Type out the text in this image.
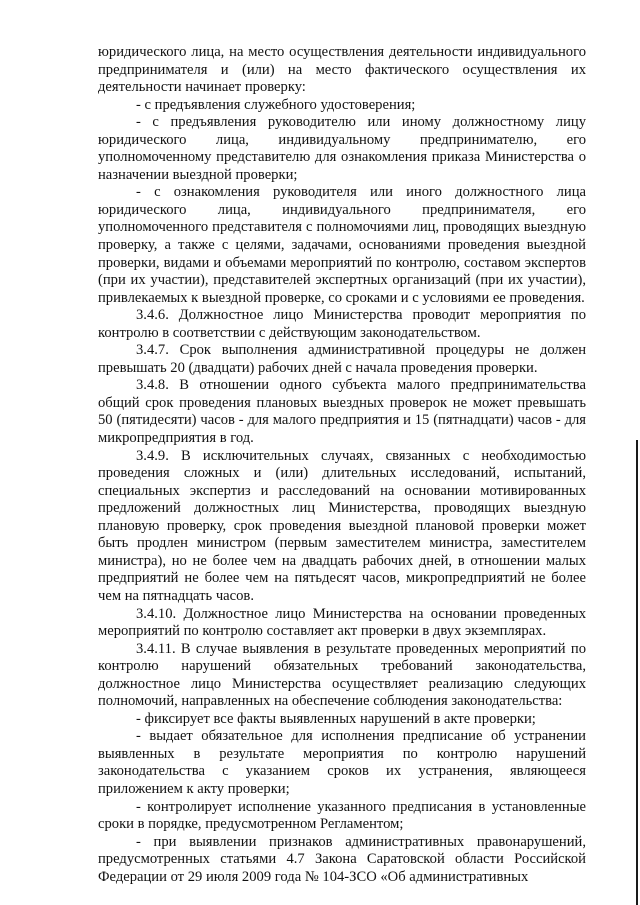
юридического лица, на место осуществления деятельности индивидуального предпринимателя и (или) на место фактического осуществления их деятельности начинает проверку:

- с предъявления служебного удостоверения;

- с предъявления руководителю или иному должностному лицу юридического лица, индивидуальному предпринимателю, его уполномоченному представителю для ознакомления приказа Министерства о назначении выездной проверки;

- с ознакомления руководителя или иного должностного лица юридического лица, индивидуального предпринимателя, его уполномоченного представителя с полномочиями лиц, проводящих выездную проверку, а также с целями, задачами, основаниями проведения выездной проверки, видами и объемами мероприятий по контролю, составом экспертов (при их участии), представителей экспертных организаций (при их участии), привлекаемых к выездной проверке, со сроками и с условиями ее проведения.

3.4.6. Должностное лицо Министерства проводит мероприятия по контролю в соответствии с действующим законодательством.

3.4.7. Срок выполнения административной процедуры не должен превышать 20 (двадцати) рабочих дней с начала проведения проверки.

3.4.8. В отношении одного субъекта малого предпринимательства общий срок проведения плановых выездных проверок не может превышать 50 (пятидесяти) часов - для малого предприятия и 15 (пятнадцати) часов - для микропредприятия в год.

3.4.9. В исключительных случаях, связанных с необходимостью проведения сложных и (или) длительных исследований, испытаний, специальных экспертиз и расследований на основании мотивированных предложений должностных лиц Министерства, проводящих выездную плановую проверку, срок проведения выездной плановой проверки может быть продлен министром (первым заместителем министра, заместителем министра), но не более чем на двадцать рабочих дней, в отношении малых предприятий не более чем на пятьдесят часов, микропредприятий не более чем на пятнадцать часов.

3.4.10. Должностное лицо Министерства на основании проведенных мероприятий по контролю составляет акт проверки в двух экземплярах.

3.4.11. В случае выявления в результате проведенных мероприятий по контролю нарушений обязательных требований законодательства, должностное лицо Министерства осуществляет реализацию следующих полномочий, направленных на обеспечение соблюдения законодательства:

- фиксирует все факты выявленных нарушений в акте проверки;

- выдает обязательное для исполнения предписание об устранении выявленных в результате мероприятия по контролю нарушений законодательства с указанием сроков их устранения, являющееся приложением к акту проверки;

- контролирует исполнение указанного предписания в установленные сроки в порядке, предусмотренном Регламентом;

- при выявлении признаков административных правонарушений, предусмотренных статьями 4.7 Закона Саратовской области Российской Федерации от 29 июля 2009 года № 104-ЗСО «Об административных
